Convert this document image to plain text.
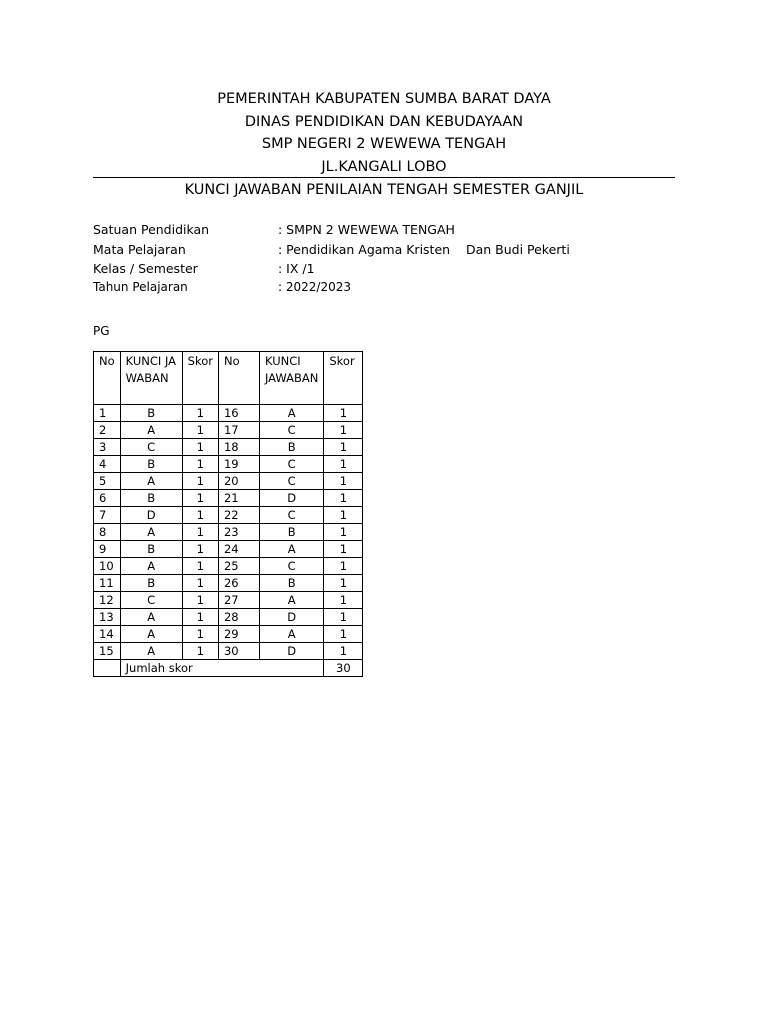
PEMERINTAH KABUPATEN SUMBA BARAT DAYA
DINAS PENDIDIKAN DAN KEBUDAYAAN
SMP NEGERI 2 WEWEWA TENGAH
JL.KANGALI LOBO
KUNCI JAWABAN PENILAIAN TENGAH SEMESTER GANJIL
Satuan Pendidikan	: SMPN 2 WEWEWA TENGAH
Mata Pelajaran	: Pendidikan Agama Kristen    Dan Budi Pekerti
Kelas / Semester	: IX /1
Tahun Pelajaran	: 2022/2023
PG
No	KUNCI JAWABAN	Skor	No	KUNCI JAWABAN	Skor
1	B	1	16	A	1
2	A	1	17	C	1
3	C	1	18	B	1
4	B	1	19	C	1
5	A	1	20	C	1
6	B	1	21	D	1
7	D	1	22	C	1
8	A	1	23	B	1
9	B	1	24	A	1
10	A	1	25	C	1
11	B	1	26	B	1
12	C	1	27	A	1
13	A	1	28	D	1
14	A	1	29	A	1
15	A	1	30	D	1
	Jumlah skor				30
